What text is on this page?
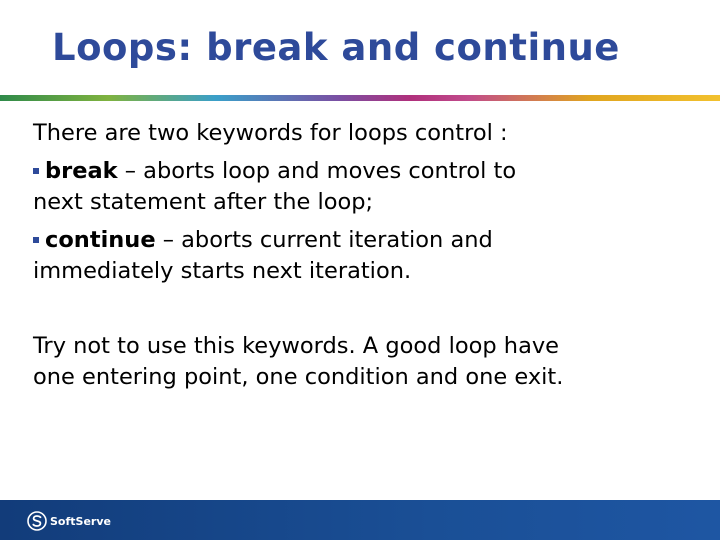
Loops: break and continue

There are two keywords for loops control :

break – aborts loop and moves control to
next statement after the loop;
continue – aborts current iteration and
immediately starts next iteration.

Try not to use this keywords. A good loop have

one entering point, one condition and one exit.

SoftServe
